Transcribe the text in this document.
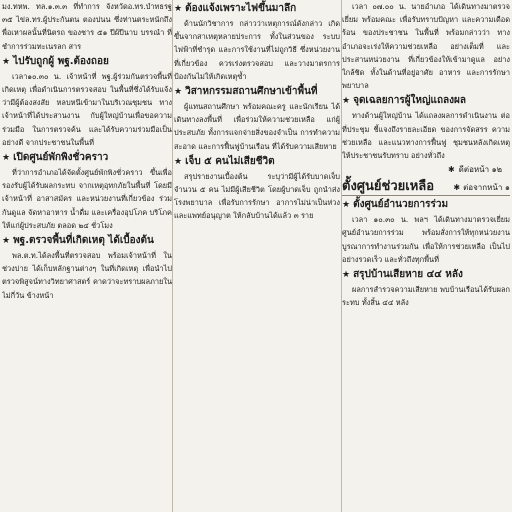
มง.ทหพ. ทล.๑.๓.๓ ที่ทำการ จังหวัดอ.ทร.บำทธรฐ ๓๕ ไข่ล.ทร.ผู้ประกันตน ตองปนน ซึ่งท่านตระหนักถึงพื่อเหาผลนั้นที่นิตรถ ของชาร ๕๑ ปีผ้ปีนาบ บรรณำ ที่ชำการร่วมทะเนรลก สาร

★ ไปรับถูกผู้ พฐ.ต้องถอย

เวลา๑๐.๓๐ น. เจ้าหน้าที่ พฐ.ผู้ร่วมกันตรวจพื้นที่เกิดเหตุ เพื่อดำเนินการตรวจสอบ ในพื้นที่ซึ่งได้รับแจ้ง ว่ามีผู้ต้องสงสัย หลบหนีเข้ามาในบริเวณชุมชน ทางเจ้าหน้าที่ได้ประสานงาน กับผู้ใหญ่บ้านเพื่อขอความร่วมมือ ในการตรวจค้น และได้รับความร่วมมือเป็นอย่างดี จากประชาชนในพื้นที่

★ เปิดศูนย์พักพิงชั่วคราว

ที่ว่าการอำเภอได้จัดตั้งศูนย์พักพิงชั่วคราว ขึ้นเพื่อรองรับผู้ได้รับผลกระทบ จากเหตุอุทกภัยในพื้นที่ โดยมีเจ้าหน้าที่ อาสาสมัคร และหน่วยงานที่เกี่ยวข้อง ร่วมกันดูแล จัดหาอาหาร น้ำดื่ม และเครื่องอุปโภค บริโภค ให้แก่ผู้ประสบภัย ตลอด ๒๔ ชั่วโมง

★ พฐ.ตรวจพื้นที่เกิดเหตุ ได้เบื้องต้น

พล.ต.ท.ได้ลงพื้นที่ตรวจสอบ พร้อมเจ้าหน้าที่ ในช่วงบ่าย ได้เก็บหลักฐานต่างๆ ในที่เกิดเหตุ เพื่อนำไปตรวจพิสูจน์ทางวิทยาศาสตร์ คาดว่าจะทราบผลภายในไม่กี่วัน ข้างหน้า

★ ต้องแจ้งเพราะไฟขึ้นมาลึก

ด้านนักวิชาการ กล่าวว่าเหตุการณ์ดังกล่าว เกิดขึ้นจากสาเหตุหลายประการ ทั้งในส่วนของ ระบบไฟฟ้าที่ชำรุด และการใช้งานที่ไม่ถูกวิธี ซึ่งหน่วยงานที่เกี่ยวข้อง ควรเร่งตรวจสอบ และวางมาตรการ ป้องกันไม่ให้เกิดเหตุซ้ำ

★ วิสาหกรรมสถานศึกษาเข้าพื้นที่

ผู้แทนสถานศึกษา พร้อมคณะครู และนักเรียน ได้เดินทางลงพื้นที่ เพื่อร่วมให้ความช่วยเหลือ แก่ผู้ประสบภัย ทั้งการแจกจ่ายสิ่งของจำเป็น การทำความสะอาด และการฟื้นฟูบ้านเรือน ที่ได้รับความเสียหาย

★ เจ็บ ๕ คนไม่เสียชีวิต

สรุปรายงานเบื้องต้น ระบุว่ามีผู้ได้รับบาดเจ็บ จำนวน ๕ คน ไม่มีผู้เสียชีวิต โดยผู้บาดเจ็บ ถูกนำส่งโรงพยาบาล เพื่อรับการรักษา อาการไม่น่าเป็นห่วง และแพทย์อนุญาต ให้กลับบ้านได้แล้ว ๓ ราย

เวลา ๐๗.๐๐ น. นายอำเภอ ได้เดินทางมาตรวจเยี่ยม พร้อมคณะ เพื่อรับทราบปัญหา และความเดือดร้อน ของประชาชน ในพื้นที่ พร้อมกล่าวว่า ทางอำเภอจะเร่งให้ความช่วยเหลือ อย่างเต็มที่ และประสานหน่วยงาน ที่เกี่ยวข้องให้เข้ามาดูแล อย่างใกล้ชิด ทั้งในด้านที่อยู่อาศัย อาหาร และการรักษาพยาบาล

★ จุดเฉลยการผู้ใหญ่แถลงผล

ทางด้านผู้ใหญ่บ้าน ได้แถลงผลการดำเนินงาน ต่อที่ประชุม ชี้แจงถึงรายละเอียด ของการจัดสรร ความช่วยเหลือ และแนวทางการฟื้นฟู ชุมชนหลังเกิดเหตุ ให้ประชาชนรับทราบ อย่างทั่วถึง

✱ ดีต่อหน้า ๑๒
ตั้งศูนย์ช่วยเหลือ ✱ ต่อจากหน้า ๑
★ ตั้งศูนย์อำนวยการร่วม

เวลา ๑๐.๓๐ น. พลฯ ได้เดินทางมาตรวจเยี่ยม ศูนย์อำนวยการร่วม พร้อมสั่งการให้ทุกหน่วยงาน บูรณาการทำงานร่วมกัน เพื่อให้การช่วยเหลือ เป็นไปอย่างรวดเร็ว และทั่วถึงทุกพื้นที่

★ สรุปบ้านเสียหาย ๔๔ หลัง

ผลการสำรวจความเสียหาย พบบ้านเรือนได้รับผลกระทบ ทั้งสิ้น ๔๔ หลัง
